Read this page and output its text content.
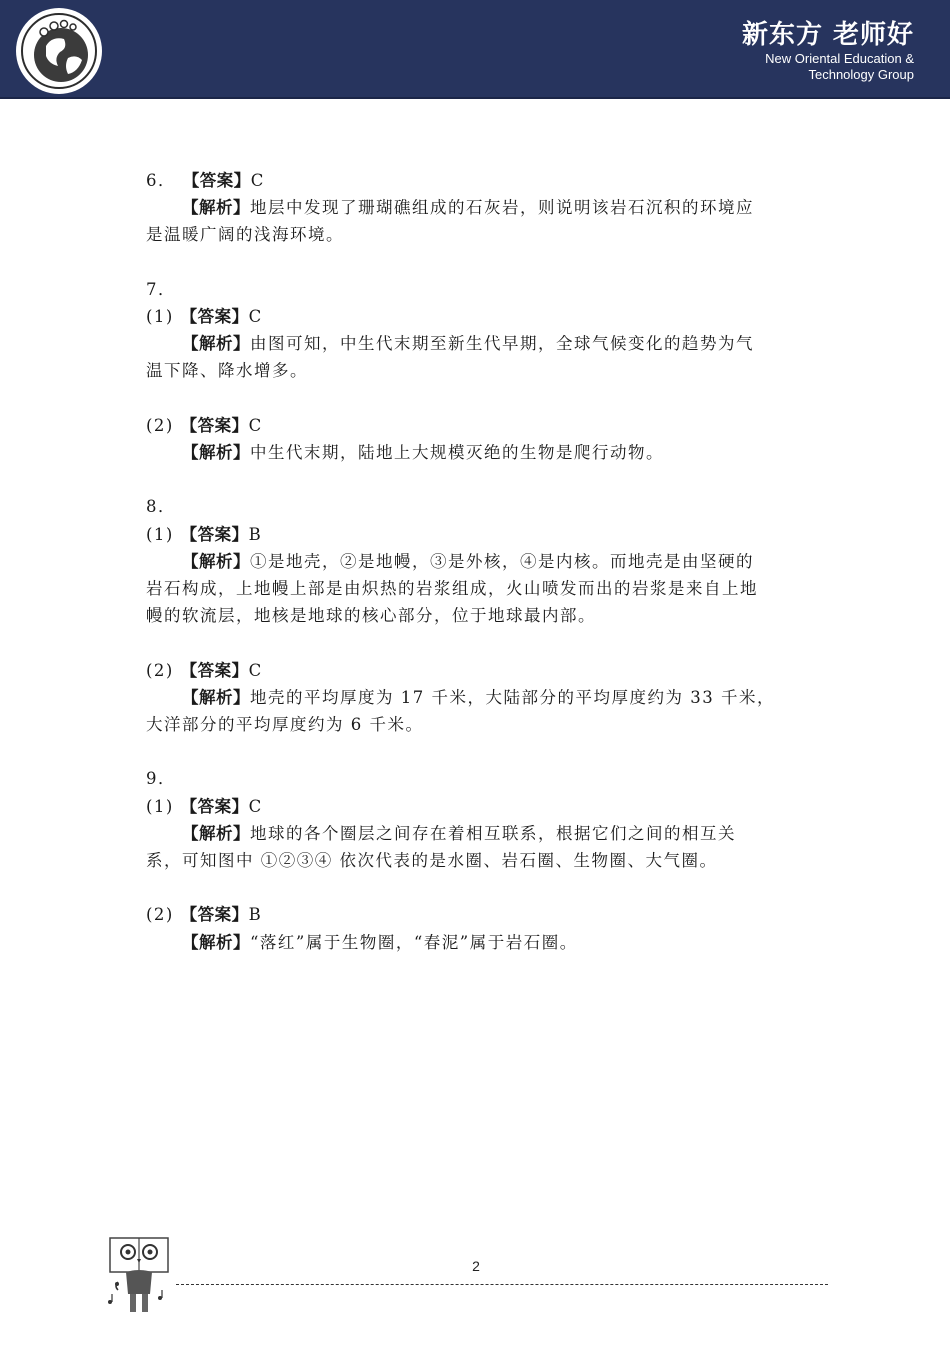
新东方 老师好
New Oriental Education &
Technology Group
6． 【答案】C
【解析】地层中发现了珊瑚礁组成的石灰岩，则说明该岩石沉积的环境应
是温暖广阔的浅海环境。
7．
(1) 【答案】C
【解析】由图可知，中生代末期至新生代早期，全球气候变化的趋势为气
温下降、降水增多。
(2) 【答案】C
【解析】中生代末期，陆地上大规模灭绝的生物是爬行动物。
8．
(1) 【答案】B
【解析】①是地壳，②是地幔，③是外核，④是内核。而地壳是由坚硬的
岩石构成，上地幔上部是由炽热的岩浆组成，火山喷发而出的岩浆是来自上地
幔的软流层，地核是地球的核心部分，位于地球最内部。
(2) 【答案】C
【解析】地壳的平均厚度为 17 千米，大陆部分的平均厚度约为 33 千米，
大洋部分的平均厚度约为 6 千米。
9．
(1) 【答案】C
【解析】地球的各个圈层之间存在着相互联系，根据它们之间的相互关
系，可知图中 ①②③④ 依次代表的是水圈、岩石圈、生物圈、大气圈。
(2) 【答案】B
【解析】“落红”属于生物圈，“春泥”属于岩石圈。
2
